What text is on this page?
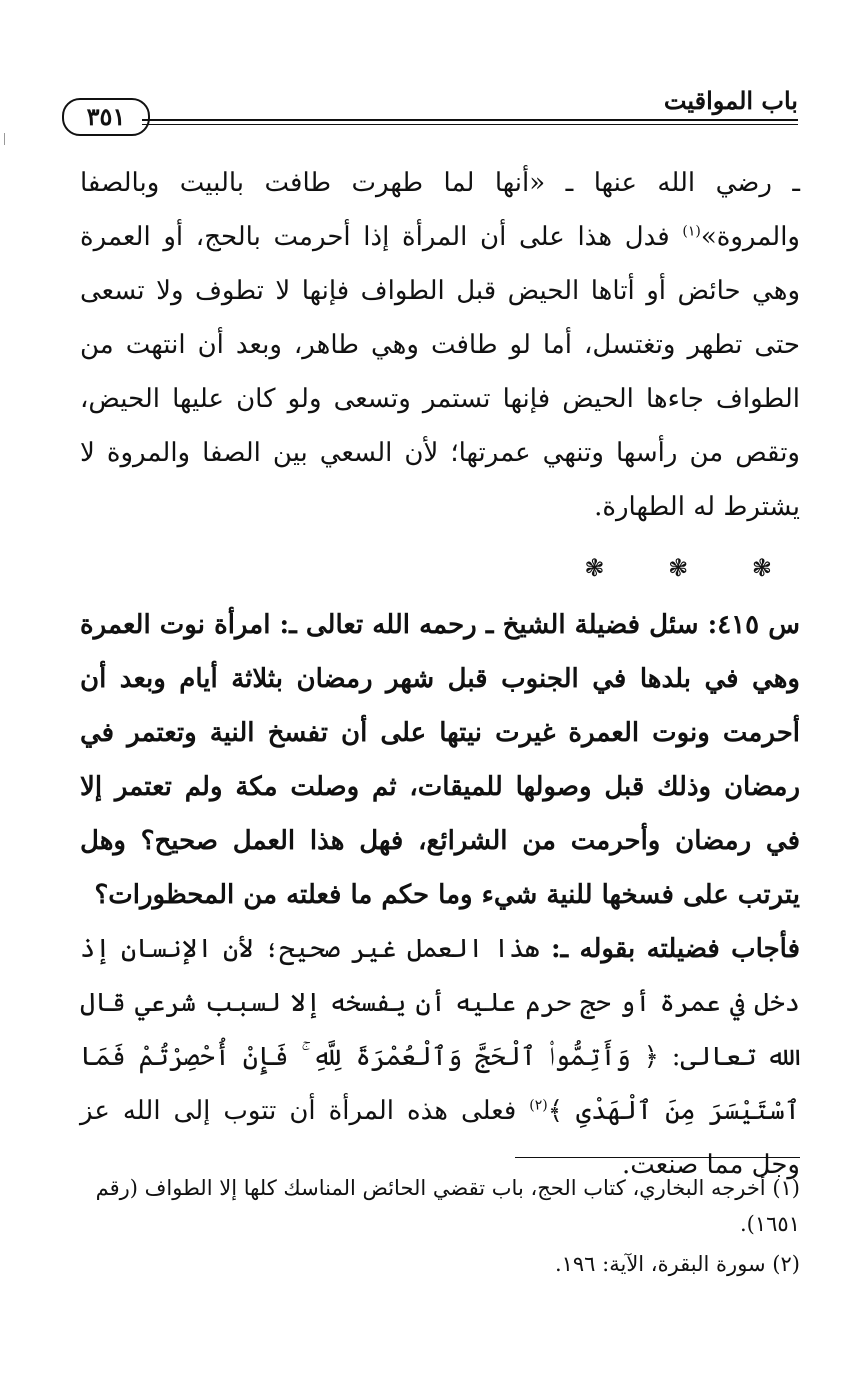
باب المواقيت
٣٥١

ـ رضي الله عنها ـ «أنها لما طهرت طافت بالبيت وبالصفا والمروة»$^{(١)}$ فدل هذا على أن المرأة إذا أحرمت بالحج، أو العمرة وهي حائض أو أتاها الحيض قبل الطواف فإنها لا تطوف ولا تسعى حتى تطهر وتغتسل، أما لو طافت وهي طاهر، وبعد أن انتهت من الطواف جاءها الحيض فإنها تستمر وتسعى ولو كان عليها الحيض، وتقص من رأسها وتنهي عمرتها؛ لأن السعي بين الصفا والمروة لا يشترط له الطهارة.

❃ ❃ ❃

س ٤١٥: سئل فضيلة الشيخ ـ رحمه الله تعالى ـ: امرأة نوت العمرة وهي في بلدها في الجنوب قبل شهر رمضان بثلاثة أيام وبعد أن أحرمت ونوت العمرة غيرت نيتها على أن تفسخ النية وتعتمر في رمضان وذلك قبل وصولها للميقات، ثم وصلت مكة ولم تعتمر إلا في رمضان وأحرمت من الشرائع، فهل هذا العمل صحيح؟ وهل يترتب على فسخها للنية شيء وما حكم ما فعلته من المحظورات؟

فأجاب فضيلته بقوله ـ: هذا العمل غير صحيح؛ لأن الإنسان إذ دخل في عمرة أو حج حرم عليه أن يفسخه إلا لسبب شرعي قال الله تعالى: ﴿ وَأَتِمُّوا۟ ٱلْحَجَّ وَٱلْعُمْرَةَ لِلَّهِ ۚ فَإِنْ أُحْصِرْتُمْ فَمَا ٱسْتَيْسَرَ مِنَ ٱلْهَدْىِ ﴾$^{(٢)}$ فعلى هذه المرأة أن تتوب إلى الله عز وجل مما صنعت.

(١) أخرجه البخاري، كتاب الحج، باب تقضي الحائض المناسك كلها إلا الطواف (رقم ١٦٥١).

(٢) سورة البقرة، الآية: ١٩٦.
